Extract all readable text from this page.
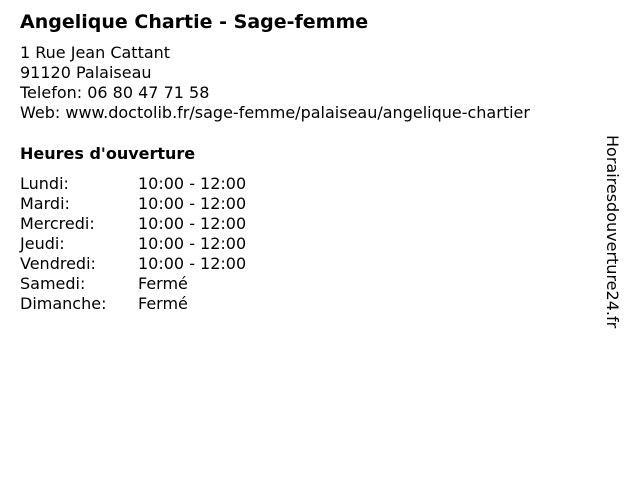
Angelique Chartie - Sage-femme
1 Rue Jean Cattant
91120 Palaiseau
Telefon: 06 80 47 71 58
Web: www.doctolib.fr/sage-femme/palaiseau/angelique-chartier
Heures d'ouverture
Lundi:	10:00 - 12:00
Mardi:	10:00 - 12:00
Mercredi:	10:00 - 12:00
Jeudi:	10:00 - 12:00
Vendredi:	10:00 - 12:00
Samedi:	Fermé
Dimanche: Fermé	Horairesdouverture24.fr
